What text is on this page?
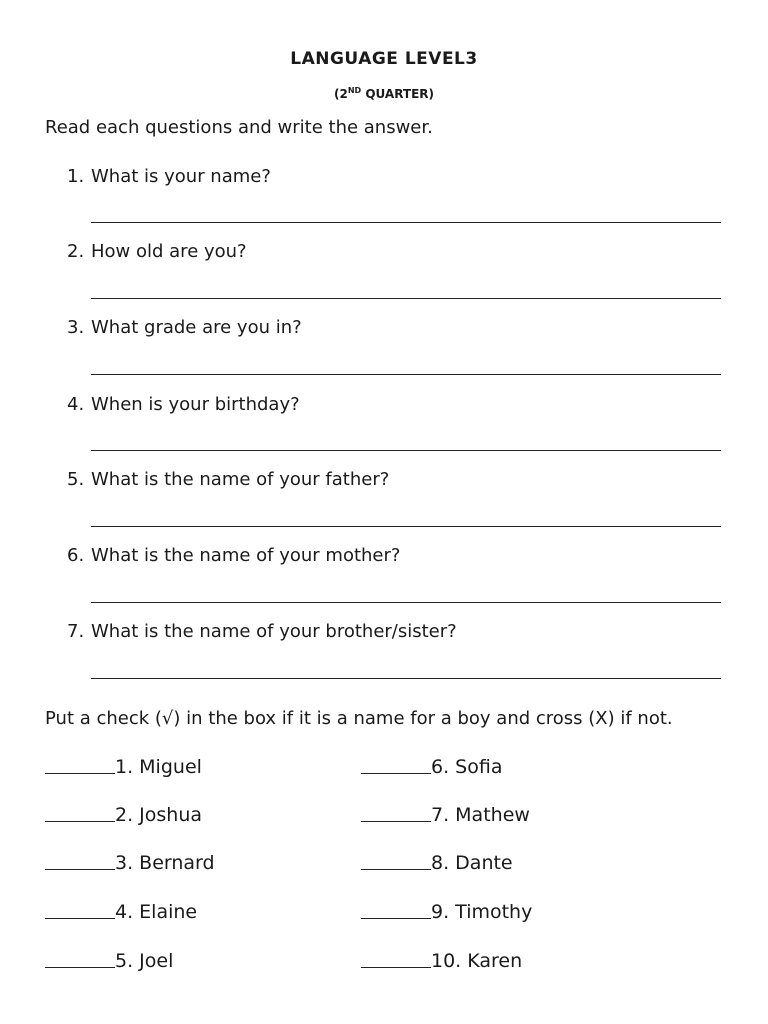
LANGUAGE LEVEL3

(2ND QUARTER)

Read each questions and write the answer.

1. What is your name?
2. How old are you?
3. What grade are you in?
4. When is your birthday?
5. What is the name of your father?
6. What is the name of your mother?
7. What is the name of your brother/sister?

Put a check (√) in the box if it is a name for a boy and cross (X) if not.

1. Miguel
2. Joshua
3. Bernard
4. Elaine
5. Joel
6. Sofia
7. Mathew
8. Dante
9. Timothy
10. Karen
